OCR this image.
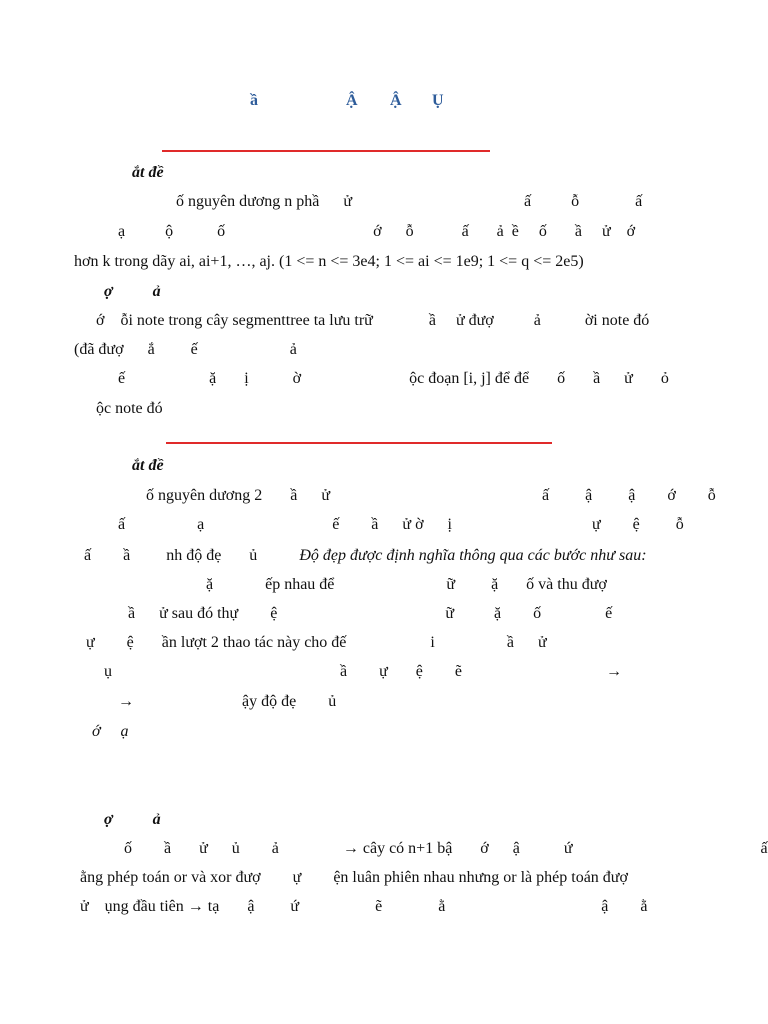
ầ	Ậ Ậ Ụ
ắt đề
ố nguyên dương n phầ      ử                                           ấ          ỗ              ấ
ạ          ộ           ố                                     ớ      ỗ            ấ       ả  ề     ố       ầ     ử    ớ
hơn k trong dãy ai, ai+1, …, aj. (1 <= n <= 3e4; 1 <= ai <= 1e9; 1 <= q <= 2e5)
ợ          ả
ớ    ỗi note trong cây segmenttree ta lưu trữ              ầ     ử đượ          ả           ời note đó
(đã đượ      ắ         ế                       ả
ế                     ặ       ị           ờ                           ộc đoạn [i, j] để để       ố       ầ      ử       ỏ
ộc note đó
ắt đề
ố nguyên dương 2       ầ      ử                                                     ấ         ậ         ậ        ớ        ỗ
ấ                  ạ                                ế        ầ      ử ờ      ị                                   ự        ệ         ỗ
ấ        ầ         nh độ đẹ       ủ	Độ đẹp được định nghĩa thông qua các bước như sau:
ặ             ếp nhau để                            ữ         ặ       ố và thu đượ
ầ      ử sau đó thự        ệ                                          ữ          ặ        ố                ế
ự        ệ       ần lượt 2 thao tác này cho đế                     i                  ầ      ử
ụ                                                         ầ        ự       ệ        ẽ                                    →
→                           ậy độ đẹ        ủ
ớ     ạ
ợ          ả
ố        ầ       ử      ủ        ả                → cây có n+1 bậ       ớ      ậ           ứ                                               ấ
ằng phép toán or và xor đượ        ự        ện luân phiên nhau nhưng or là phép toán đượ
ử    ụng đầu tiên → tạ       ậ         ứ                   ẽ              ằ                                       ậ        ằ
